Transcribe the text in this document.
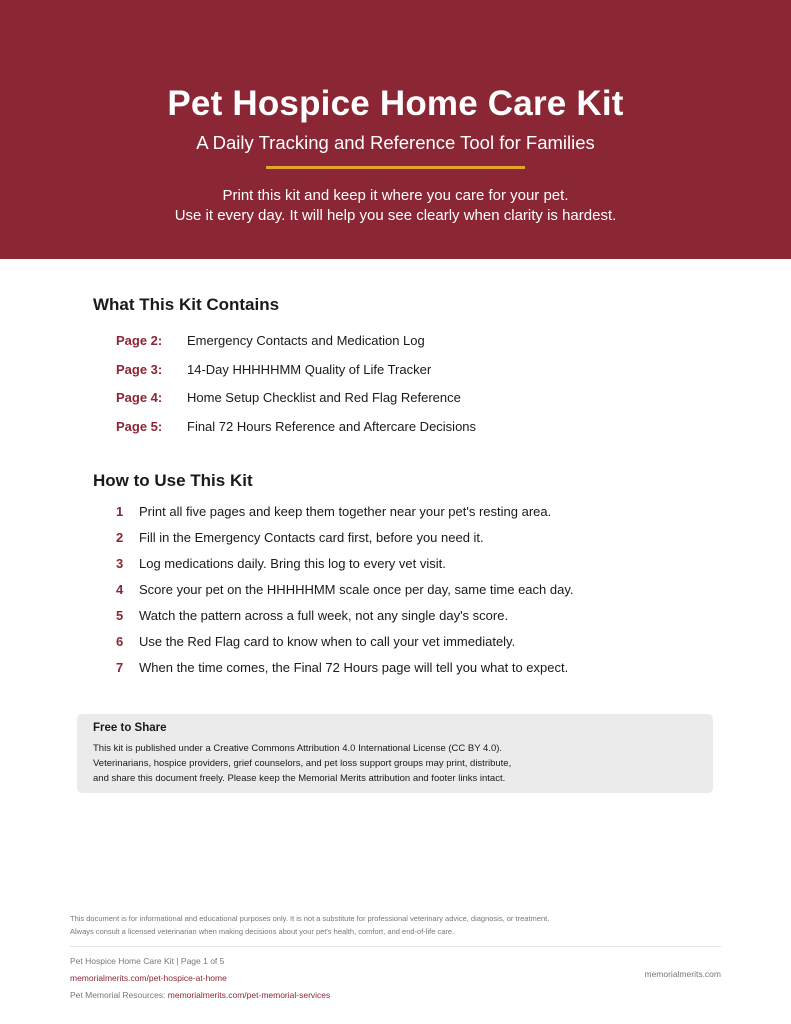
Pet Hospice Home Care Kit
A Daily Tracking and Reference Tool for Families
Print this kit and keep it where you care for your pet.
Use it every day. It will help you see clearly when clarity is hardest.
What This Kit Contains
Page 2:	Emergency Contacts and Medication Log
Page 3:	14-Day HHHHHMM Quality of Life Tracker
Page 4:	Home Setup Checklist and Red Flag Reference
Page 5:	Final 72 Hours Reference and Aftercare Decisions
How to Use This Kit
1	Print all five pages and keep them together near your pet's resting area.
2	Fill in the Emergency Contacts card first, before you need it.
3	Log medications daily. Bring this log to every vet visit.
4	Score your pet on the HHHHHMM scale once per day, same time each day.
5	Watch the pattern across a full week, not any single day's score.
6	Use the Red Flag card to know when to call your vet immediately.
7	When the time comes, the Final 72 Hours page will tell you what to expect.
Free to Share
This kit is published under a Creative Commons Attribution 4.0 International License (CC BY 4.0).
Veterinarians, hospice providers, grief counselors, and pet loss support groups may print, distribute,
and share this document freely. Please keep the Memorial Merits attribution and footer links intact.
This document is for informational and educational purposes only. It is not a substitute for professional veterinary advice, diagnosis, or treatment.
Always consult a licensed veterinarian when making decisions about your pet's health, comfort, and end-of-life care.
Pet Hospice Home Care Kit | Page 1 of 5
memorialmerits.com/pet-hospice-at-home
Pet Memorial Resources: memorialmerits.com/pet-memorial-services
memorialmerits.com
